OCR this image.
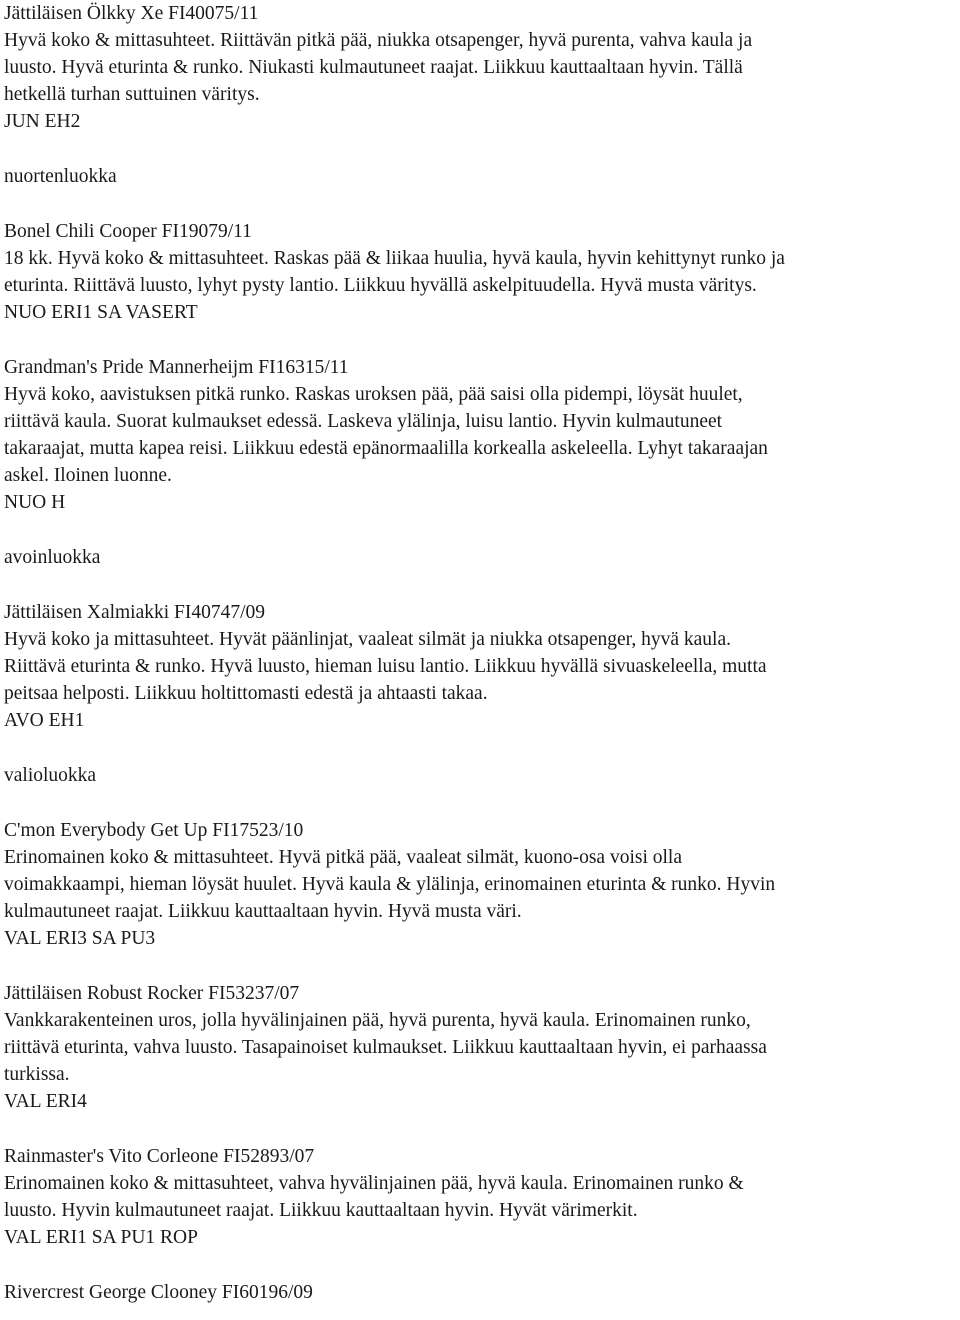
Jättiläisen Ölkky Xe FI40075/11
Hyvä koko & mittasuhteet. Riittävän pitkä pää, niukka otsapenger, hyvä purenta, vahva kaula ja
luusto. Hyvä eturinta & runko. Niukasti kulmautuneet raajat. Liikkuu kauttaaltaan hyvin. Tällä
hetkellä turhan suttuinen väritys.
JUN EH2
nuortenluokka
Bonel Chili Cooper FI19079/11
18 kk. Hyvä koko & mittasuhteet. Raskas pää & liikaa huulia, hyvä kaula, hyvin kehittynyt runko ja
eturinta. Riittävä luusto, lyhyt pysty lantio. Liikkuu hyvällä askelpituudella. Hyvä musta väritys.
NUO ERI1 SA VASERT
Grandman's Pride Mannerheijm FI16315/11
Hyvä koko, aavistuksen pitkä runko. Raskas uroksen pää, pää saisi olla pidempi, löysät huulet,
riittävä kaula. Suorat kulmaukset edessä. Laskeva ylälinja, luisu lantio. Hyvin kulmautuneet
takaraajat, mutta kapea reisi. Liikkuu edestä epänormaalilla korkealla askeleella. Lyhyt takaraajan
askel. Iloinen luonne.
NUO H
avoinluokka
Jättiläisen Xalmiakki FI40747/09
Hyvä koko ja mittasuhteet. Hyvät päänlinjat, vaaleat silmät ja niukka otsapenger, hyvä kaula.
Riittävä eturinta & runko. Hyvä luusto, hieman luisu lantio. Liikkuu hyvällä sivuaskeleella, mutta
peitsaa helposti. Liikkuu holtittomasti edestä ja ahtaasti takaa.
AVO EH1
valioluokka
C'mon Everybody Get Up FI17523/10
Erinomainen koko & mittasuhteet. Hyvä pitkä pää, vaaleat silmät, kuono-osa voisi olla
voimakkaampi, hieman löysät huulet. Hyvä kaula & ylälinja, erinomainen eturinta & runko. Hyvin
kulmautuneet raajat. Liikkuu kauttaaltaan hyvin. Hyvä musta väri.
VAL ERI3 SA PU3
Jättiläisen Robust Rocker FI53237/07
Vankkarakenteinen uros, jolla hyvälinjainen pää, hyvä purenta, hyvä kaula. Erinomainen runko,
riittävä eturinta, vahva luusto. Tasapainoiset kulmaukset. Liikkuu kauttaaltaan hyvin, ei parhaassa
turkissa.
VAL ERI4
Rainmaster's Vito Corleone FI52893/07
Erinomainen koko & mittasuhteet, vahva hyvälinjainen pää, hyvä kaula. Erinomainen runko &
luusto. Hyvin kulmautuneet raajat. Liikkuu kauttaaltaan hyvin. Hyvät värimerkit.
VAL ERI1 SA PU1 ROP
Rivercrest George Clooney FI60196/09
